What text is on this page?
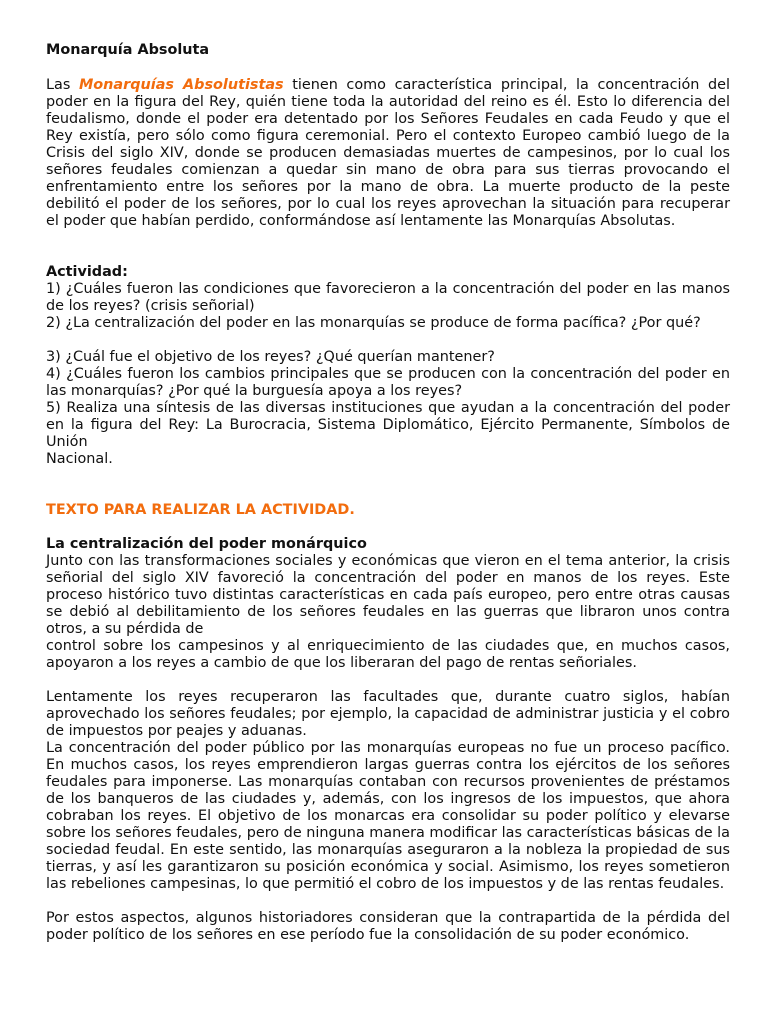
Monarquía Absoluta
Las Monarquías Absolutistas tienen como característica principal, la concentración del poder en la figura del Rey, quién tiene toda la autoridad del reino es él. Esto lo diferencia del feudalismo, donde el poder era detentado por los Señores Feudales en cada Feudo y que el Rey existía, pero sólo como figura ceremonial. Pero el contexto Europeo cambió luego de la Crisis del siglo XIV, donde se producen demasiadas muertes de campesinos, por lo cual los señores feudales comienzan a quedar sin mano de obra para sus tierras provocando el enfrentamiento entre los señores por la mano de obra. La muerte producto de la peste debilitó el poder de los señores, por lo cual los reyes aprovechan la situación para recuperar el poder que habían perdido, conformándose así lentamente las Monarquías Absolutas.
Actividad:
1) ¿Cuáles fueron las condiciones que favorecieron a la concentración del poder en las manos de los reyes? (crisis señorial)
2) ¿La centralización del poder en las monarquías se produce de forma pacífica? ¿Por qué?
3) ¿Cuál fue el objetivo de los reyes? ¿Qué querían mantener?
4) ¿Cuáles fueron los cambios principales que se producen con la concentración del poder en las monarquías? ¿Por qué la burguesía apoya a los reyes?
5) Realiza una síntesis de las diversas instituciones que ayudan a la concentración del poder en la figura del Rey: La Burocracia, Sistema Diplomático, Ejército Permanente, Símbolos de Unión
Nacional.
TEXTO PARA REALIZAR LA ACTIVIDAD.
La centralización del poder monárquico
Junto con las transformaciones sociales y económicas que vieron en el tema anterior, la crisis señorial del siglo XIV favoreció la concentración del poder en manos de los reyes. Este proceso histórico tuvo distintas características en cada país europeo, pero entre otras causas se debió al debilitamiento de los señores feudales en las guerras que libraron unos contra otros, a su pérdida de
control sobre los campesinos y al enriquecimiento de las ciudades que, en muchos casos, apoyaron a los reyes a cambio de que los liberaran del pago de rentas señoriales.
Lentamente los reyes recuperaron las facultades que, durante cuatro siglos, habían aprovechado los señores feudales; por ejemplo, la capacidad de administrar justicia y el cobro de impuestos por peajes y aduanas.
La concentración del poder público por las monarquías europeas no fue un proceso pacífico. En muchos casos, los reyes emprendieron largas guerras contra los ejércitos de los señores feudales para imponerse. Las monarquías contaban con recursos provenientes de préstamos de los banqueros de las ciudades y, además, con los ingresos de los impuestos, que ahora cobraban los reyes. El objetivo de los monarcas era consolidar su poder político y elevarse sobre los señores feudales, pero de ninguna manera modificar las características básicas de la sociedad feudal. En este sentido, las monarquías aseguraron a la nobleza la propiedad de sus tierras, y así les garantizaron su posición económica y social. Asimismo, los reyes sometieron las rebeliones campesinas, lo que permitió el cobro de los impuestos y de las rentas feudales.
Por estos aspectos, algunos historiadores consideran que la contrapartida de la pérdida del poder político de los señores en ese período fue la consolidación de su poder económico.
